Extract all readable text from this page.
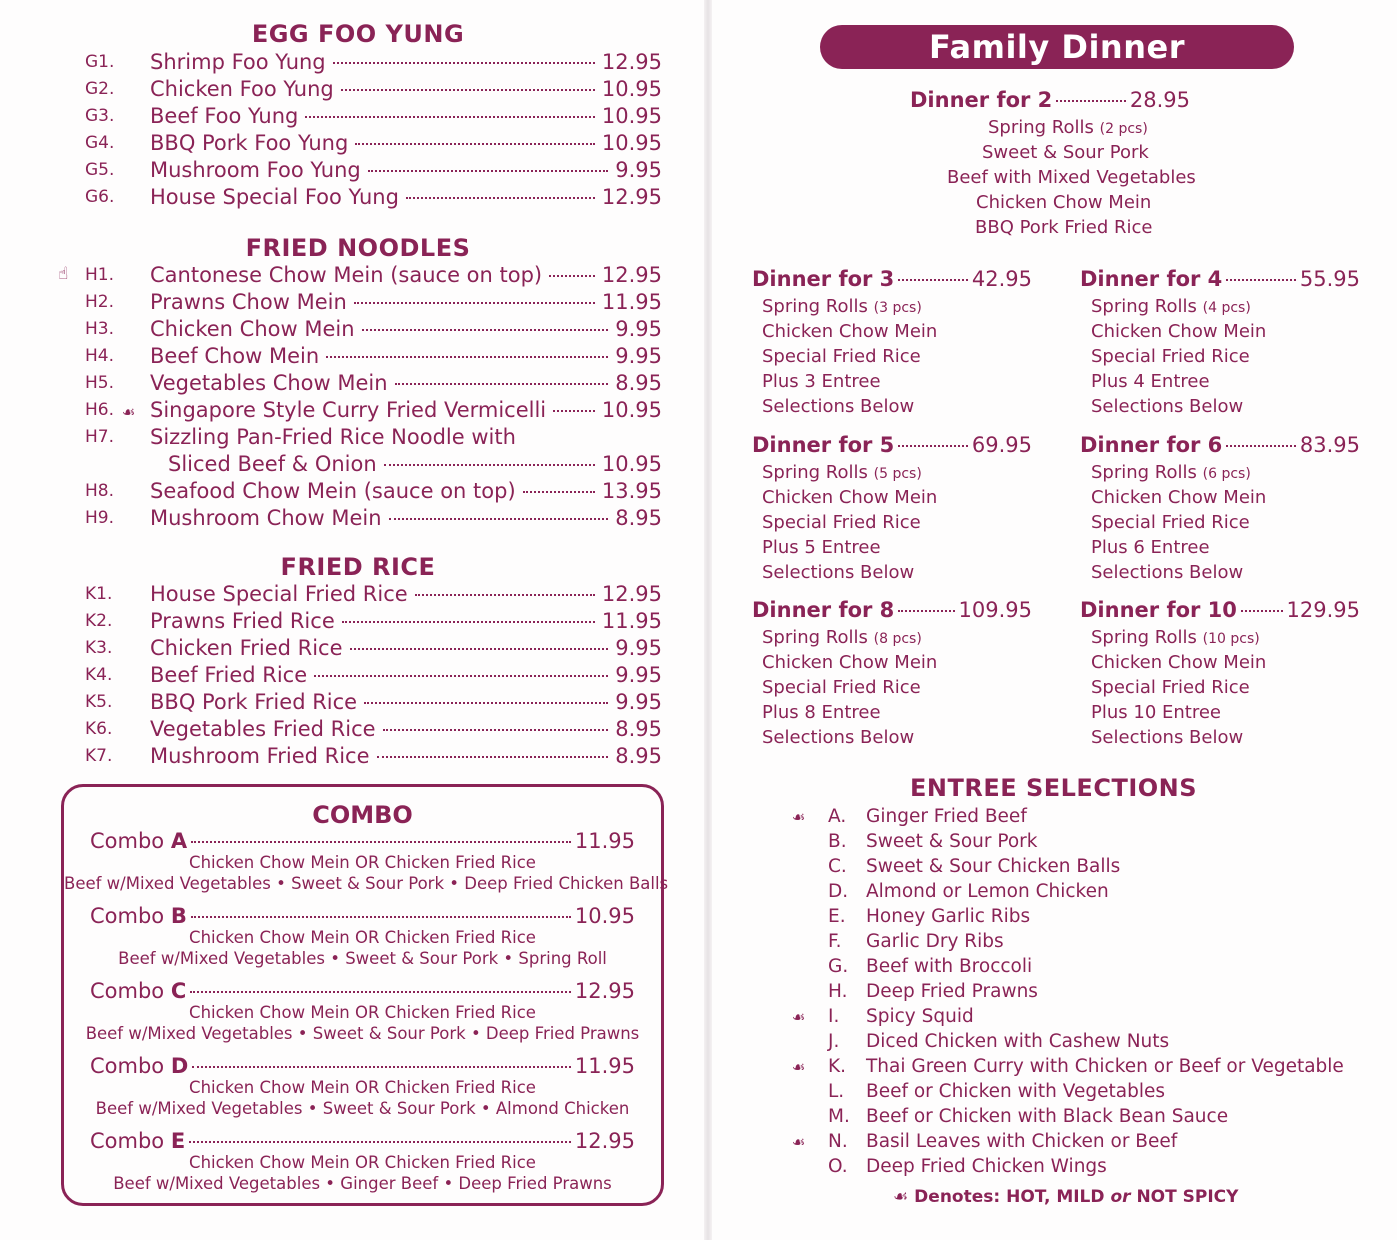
EGG FOO YUNG
G1.	Shrimp Foo Yung	12.95
G2.	Chicken Foo Yung	10.95
G3.	Beef Foo Yung	10.95
G4.	BBQ Pork Foo Yung	10.95
G5.	Mushroom Foo Yung	9.95
G6.	House Special Foo Yung	12.95
FRIED NOODLES
H1.	Cantonese Chow Mein (sauce on top)	12.95
H2.	Prawns Chow Mein	11.95
H3.	Chicken Chow Mein	9.95
H4.	Beef Chow Mein	9.95
H5.	Vegetables Chow Mein	8.95
H6.	Singapore Style Curry Fried Vermicelli	10.95
H7.	Sizzling Pan-Fried Rice Noodle with
Sliced Beef & Onion	10.95
H8.	Seafood Chow Mein (sauce on top)	13.95
H9.	Mushroom Chow Mein	8.95
☝
☙
FRIED RICE
K1.	House Special Fried Rice	12.95
K2.	Prawns Fried Rice	11.95
K3.	Chicken Fried Rice	9.95
K4.	Beef Fried Rice	9.95
K5.	BBQ Pork Fried Rice	9.95
K6.	Vegetables Fried Rice	8.95
K7.	Mushroom Fried Rice	8.95
COMBO
Combo A	11.95
Chicken Chow Mein OR Chicken Fried Rice
Beef w/Mixed Vegetables • Sweet & Sour Pork • Deep Fried Chicken Balls
Combo B	10.95
Chicken Chow Mein OR Chicken Fried Rice
Beef w/Mixed Vegetables • Sweet & Sour Pork • Spring Roll
Combo C	12.95
Chicken Chow Mein OR Chicken Fried Rice
Beef w/Mixed Vegetables • Sweet & Sour Pork • Deep Fried Prawns
Combo D	11.95
Chicken Chow Mein OR Chicken Fried Rice
Beef w/Mixed Vegetables • Sweet & Sour Pork • Almond Chicken
Combo E	12.95
Chicken Chow Mein OR Chicken Fried Rice
Beef w/Mixed Vegetables • Ginger Beef • Deep Fried Prawns
Family Dinner
Dinner for 2	28.95
Spring Rolls (2 pcs)
Sweet & Sour Pork
Beef with Mixed Vegetables
Chicken Chow Mein
BBQ Pork Fried Rice
Dinner for 3	42.95
Spring Rolls (3 pcs)
Chicken Chow Mein
Special Fried Rice
Plus 3 Entree
Selections Below
Dinner for 4	55.95
Spring Rolls (4 pcs)
Chicken Chow Mein
Special Fried Rice
Plus 4 Entree
Selections Below
Dinner for 5	69.95
Spring Rolls (5 pcs)
Chicken Chow Mein
Special Fried Rice
Plus 5 Entree
Selections Below
Dinner for 6	83.95
Spring Rolls (6 pcs)
Chicken Chow Mein
Special Fried Rice
Plus 6 Entree
Selections Below
Dinner for 8	109.95
Spring Rolls (8 pcs)
Chicken Chow Mein
Special Fried Rice
Plus 8 Entree
Selections Below
Dinner for 10 129.95
Spring Rolls (10 pcs)
Chicken Chow Mein
Special Fried Rice
Plus 10 Entree
Selections Below
ENTREE SELECTIONS
A.	Ginger Fried Beef
☙
B.	Sweet & Sour Pork
C.	Sweet & Sour Chicken Balls
D. Almond or Lemon Chicken
E.	Honey Garlic Ribs
F.	Garlic Dry Ribs
G. Beef with Broccoli
H.	Deep Fried Prawns
I.	Spicy Squid
☙
J.	Diced Chicken with Cashew Nuts
K.	Thai Green Curry with Chicken or Beef or Vegetable
☙
L.	Beef or Chicken with Vegetables
M. Beef or Chicken with Black Bean Sauce
N. Basil Leaves with Chicken or Beef
☙
O. Deep Fried Chicken Wings
☙ Denotes: HOT, MILD or NOT SPICY
